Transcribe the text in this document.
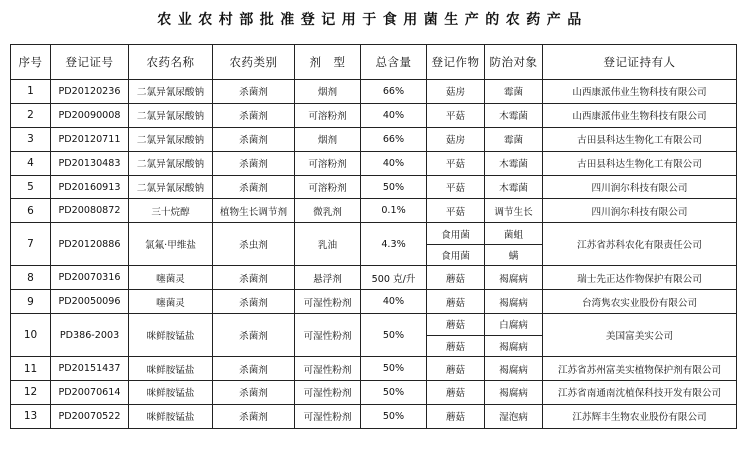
农业农村部批准登记用于食用菌生产的农药产品
序号	登记证号	农药名称	农药类别	剂　型	总含量	登记作物	防治对象	登记证持有人
1	PD20120236	二氯异氰尿酸钠	杀菌剂	烟剂	66%	菇房	霉菌	山西康派伟业生物科技有限公司
2	PD20090008	二氯异氰尿酸钠	杀菌剂	可溶粉剂	40%	平菇	木霉菌	山西康派伟业生物科技有限公司
3	PD20120711	二氯异氰尿酸钠	杀菌剂	烟剂	66%	菇房	霉菌	古田县科达生物化工有限公司
4	PD20130483	二氯异氰尿酸钠	杀菌剂	可溶粉剂	40%	平菇	木霉菌	古田县科达生物化工有限公司
5	PD20160913	二氯异氰尿酸钠	杀菌剂	可溶粉剂	50%	平菇	木霉菌	四川润尔科技有限公司
6	PD20080872	三十烷醇	植物生长调节剂	微乳剂	0.1%	平菇	调节生长	四川润尔科技有限公司
7	PD20120886	氯氟·甲维盐	杀虫剂	乳油	4.3%	食用菌	菌蛆	江苏省苏科农化有限责任公司
						食用菌	螨	
8	PD20070316	噻菌灵	杀菌剂	悬浮剂	500 克/升	蘑菇	褐腐病	瑞士先正达作物保护有限公司
9	PD20050096	噻菌灵	杀菌剂	可湿性粉剂	40%	蘑菇	褐腐病	台湾隽农实业股份有限公司
10	PD386-2003	咪鲜胺锰盐	杀菌剂	可湿性粉剂	50%	蘑菇	白腐病	美国富美实公司
						蘑菇	褐腐病	
11	PD20151437	咪鲜胺锰盐	杀菌剂	可湿性粉剂	50%	蘑菇	褐腐病	江苏省苏州富美实植物保护剂有限公司
12	PD20070614	咪鲜胺锰盐	杀菌剂	可湿性粉剂	50%	蘑菇	褐腐病	江苏省南通南沈植保科技开发有限公司
13	PD20070522	咪鲜胺锰盐	杀菌剂	可湿性粉剂	50%	蘑菇	湿泡病	江苏辉丰生物农业股份有限公司
